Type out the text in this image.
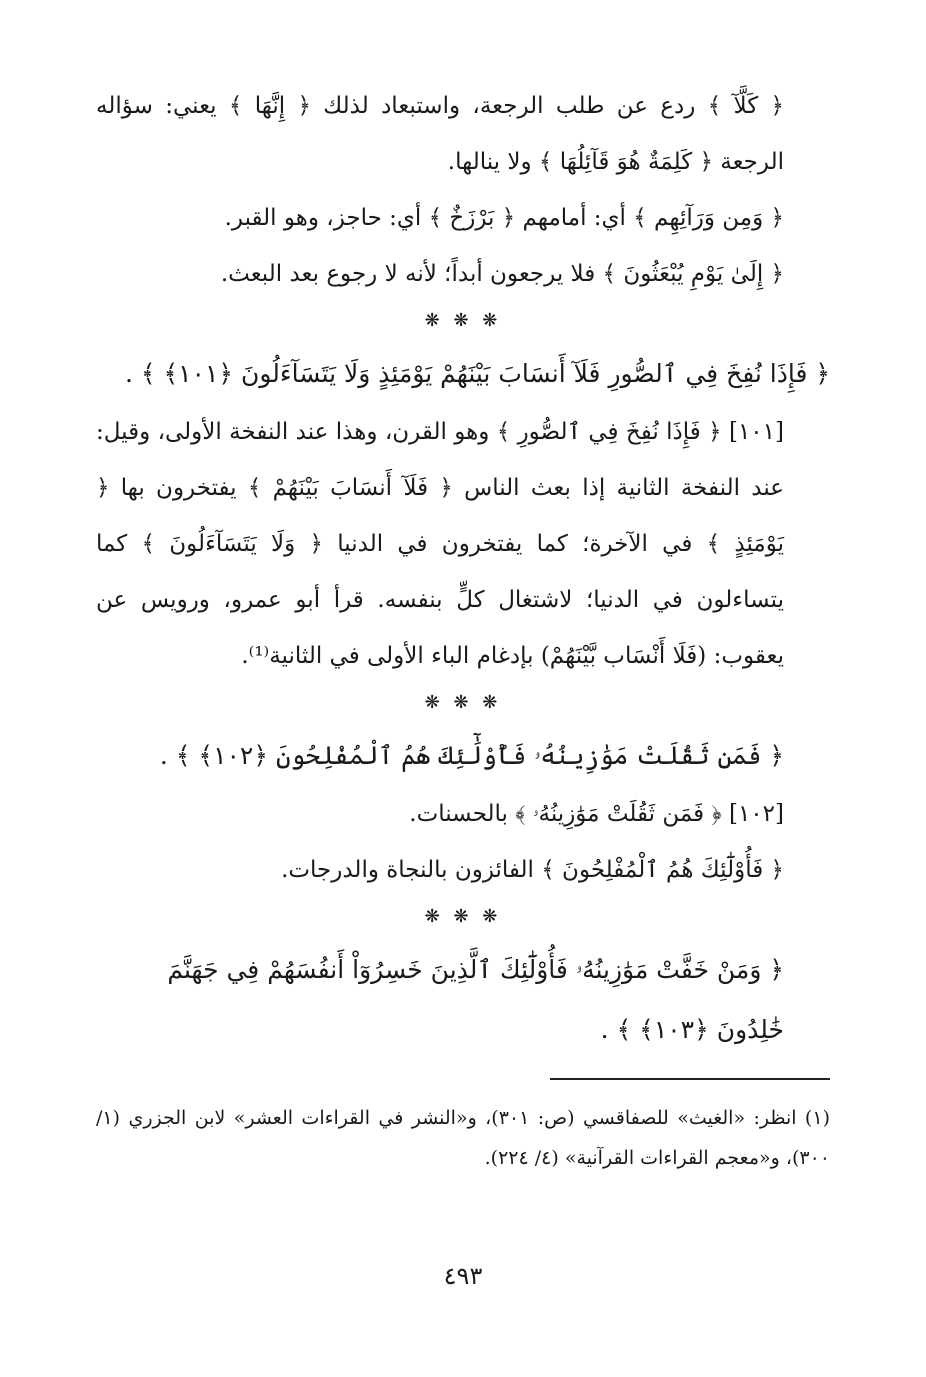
﴿ كَلَّآ ﴾ ردع عن طلب الرجعة، واستبعاد لذلك ﴿ إِنَّهَا ﴾ يعني: سؤاله الرجعة ﴿ كَلِمَةٌ هُوَ قَآئِلُهَا ﴾ ولا ينالها.

﴿ وَمِن وَرَآئِهِم ﴾ أي: أمامهم ﴿ بَرْزَخٌ ﴾ أي: حاجز، وهو القبر.

﴿ إِلَىٰ يَوْمِ يُبْعَثُونَ ﴾ فلا يرجعون أبداً؛ لأنه لا رجوع بعد البعث.

❋ ❋ ❋

﴿ فَإِذَا نُفِخَ فِي ٱلصُّورِ فَلَآ أَنسَابَ بَيْنَهُمْ يَوْمَئِذٍ وَلَا يَتَسَآءَلُونَ ﴿١٠١﴾ ﴾ .

[١٠١] ﴿ فَإِذَا نُفِخَ فِي ٱلصُّورِ ﴾ وهو القرن، وهذا عند النفخة الأولى، وقيل: عند النفخة الثانية إذا بعث الناس ﴿ فَلَآ أَنسَابَ بَيْنَهُمْ ﴾ يفتخرون بها ﴿ يَوْمَئِذٍ ﴾ في الآخرة؛ كما يفتخرون في الدنيا ﴿ وَلَا يَتَسَآءَلُونَ ﴾ كما يتساءلون في الدنيا؛ لاشتغال كلٍّ بنفسه. قرأ أبو عمرو، ورويس عن يعقوب: (فَلَا أَنْسَاب بَّيْنَهُمْ) بإدغام الباء الأولى في الثانية⁽¹⁾.

❋ ❋ ❋

﴿ فَمَن ثَقُلَتْ مَوَٰزِينُهُۥ فَأُوْلَٰٓئِكَ هُمُ ٱلْمُفْلِحُونَ ﴿١٠٢﴾ ﴾ .

[١٠٢] ﴿ فَمَن ثَقُلَتْ مَوَٰزِينُهُۥ ﴾ بالحسنات.

﴿ فَأُوْلَٰٓئِكَ هُمُ ٱلْمُفْلِحُونَ ﴾ الفائزون بالنجاة والدرجات.

❋ ❋ ❋

﴿ وَمَنْ خَفَّتْ مَوَٰزِينُهُۥ فَأُوْلَٰٓئِكَ ٱلَّذِينَ خَسِرُوٓاْ أَنفُسَهُمْ فِي جَهَنَّمَ خَٰلِدُونَ ﴿١٠٣﴾ ﴾ .

(١) انظر: «الغيث» للصفاقسي (ص: ٣٠١)، و«النشر في القراءات العشر» لابن الجزري (١/ ٣٠٠)، و«معجم القراءات القرآنية» (٤/ ٢٢٤).

٤٩٣
